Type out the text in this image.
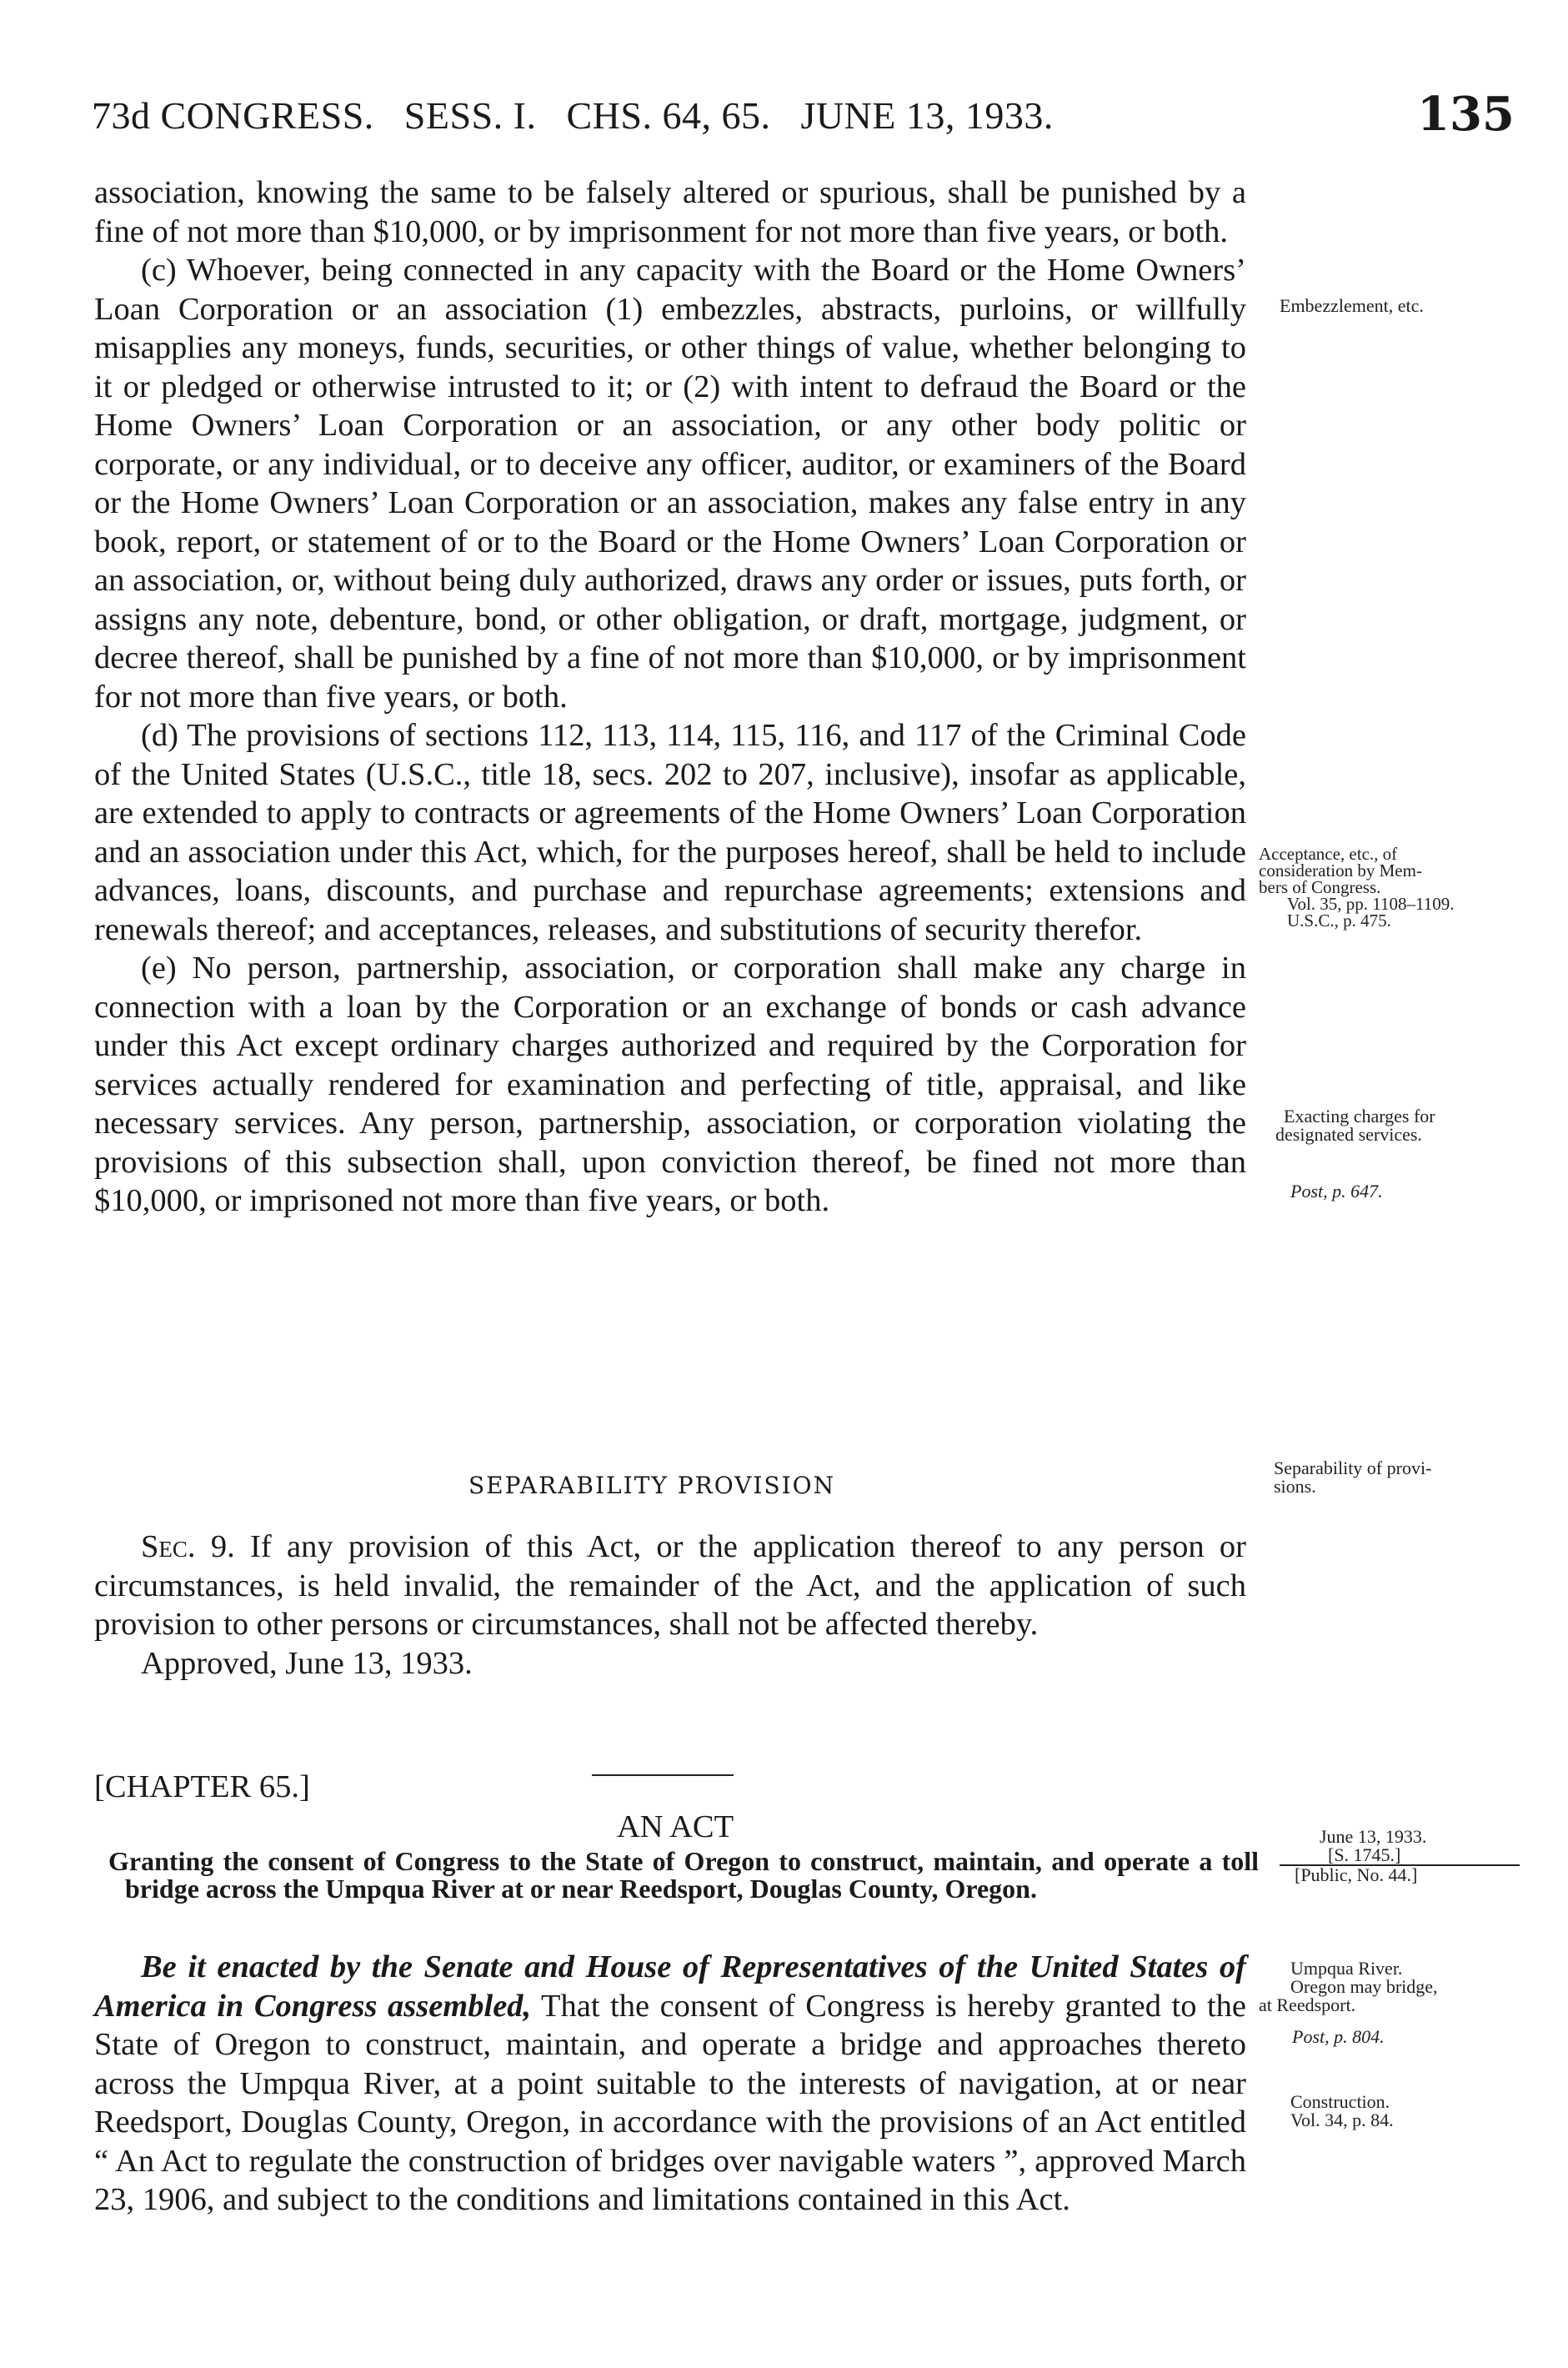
73d CONGRESS.   SESS. I.   CHS. 64, 65.   JUNE 13, 1933.	135

association, knowing the same to be falsely altered or spurious, shall be punished by a fine of not more than $10,000, or by imprisonment for not more than five years, or both.

(c) Whoever, being connected in any capacity with the Board or the Home Owners’ Loan Corporation or an association (1) embezzles, abstracts, purloins, or willfully misapplies any moneys, funds, securities, or other things of value, whether belonging to it or pledged or otherwise intrusted to it; or (2) with intent to defraud the Board or the Home Owners’ Loan Corporation or an association, or any other body politic or corporate, or any individual, or to deceive any officer, auditor, or examiners of the Board or the Home Owners’ Loan Corporation or an association, makes any false entry in any book, report, or statement of or to the Board or the Home Owners’ Loan Corporation or an association, or, without being duly authorized, draws any order or issues, puts forth, or assigns any note, debenture, bond, or other obligation, or draft, mortgage, judgment, or decree thereof, shall be punished by a fine of not more than $10,000, or by imprisonment for not more than five years, or both.

(d) The provisions of sections 112, 113, 114, 115, 116, and 117 of the Criminal Code of the United States (U.S.C., title 18, secs. 202 to 207, inclusive), insofar as applicable, are extended to apply to contracts or agreements of the Home Owners’ Loan Corporation and an association under this Act, which, for the purposes hereof, shall be held to include advances, loans, discounts, and purchase and repurchase agreements; extensions and renewals thereof; and acceptances, releases, and substitutions of security therefor.

(e) No person, partnership, association, or corporation shall make any charge in connection with a loan by the Corporation or an exchange of bonds or cash advance under this Act except ordinary charges authorized and required by the Corporation for services actually rendered for examination and perfecting of title, appraisal, and like necessary services. Any person, partnership, association, or corporation violating the provisions of this subsection shall, upon conviction thereof, be fined not more than $10,000, or imprisoned not more than five years, or both.

SEPARABILITY PROVISION

Sec. 9. If any provision of this Act, or the application thereof to any person or circumstances, is held invalid, the remainder of the Act, and the application of such provision to other persons or circumstances, shall not be affected thereby.

Approved, June 13, 1933.

[CHAPTER 65.]
AN ACT
Granting the consent of Congress to the State of Oregon to construct, maintain, and operate a toll bridge across the Umpqua River at or near Reedsport, Douglas County, Oregon.

Be it enacted by the Senate and House of Representatives of the United States of America in Congress assembled, That the consent of Congress is hereby granted to the State of Oregon to construct, maintain, and operate a bridge and approaches thereto across the Umpqua River, at a point suitable to the interests of navigation, at or near Reedsport, Douglas County, Oregon, in accordance with the provisions of an Act entitled “ An Act to regulate the construction of bridges over navigable waters ”, approved March 23, 1906, and subject to the conditions and limitations contained in this Act.

Embezzlement, etc.
Acceptance, etc., of
consideration by Mem-
bers of Congress.
Vol. 35, pp. 1108–1109.
U.S.C., p. 475.
Exacting charges for
designated services.
Post, p. 647.
Separability of provi-
sions.
June 13, 1933.
[S. 1745.]
[Public, No. 44.]
Umpqua River.
Oregon may bridge,
at Reedsport.
Post, p. 804.
Construction.
Vol. 34, p. 84.
